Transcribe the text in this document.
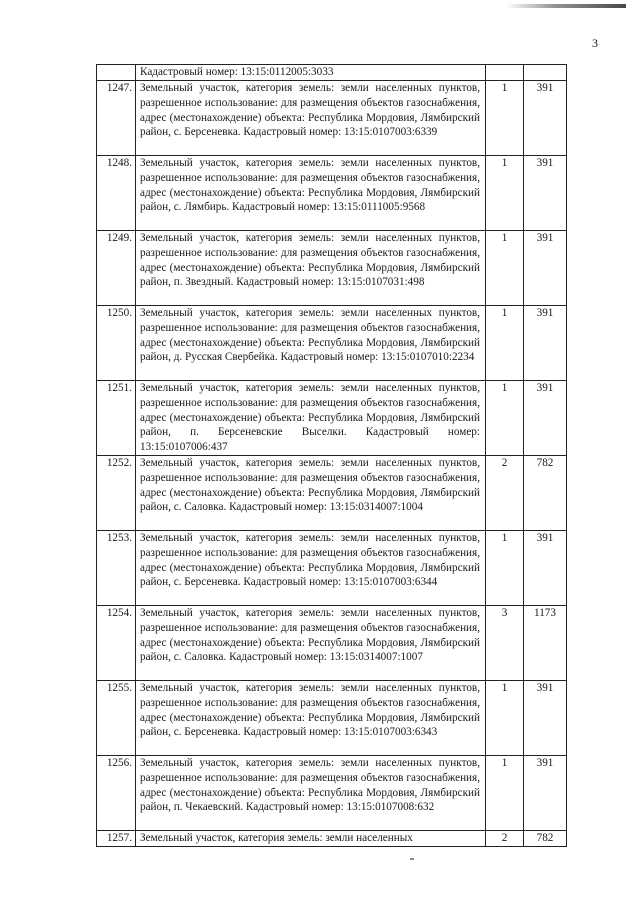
3
	Кадастровый номер: 13:15:0112005:3033		
1247.	Земельный участок, категория земель: земли населенных пунктов, разрешенное использование: для размещения объектов газоснабжения, адрес (местонахождение) объекта: Республика Мордовия, Лямбирский район, с. Берсеневка. Кадастровый номер: 13:15:0107003:6339	1	391
1248.	Земельный участок, категория земель: земли населенных пунктов, разрешенное использование: для размещения объектов газоснабжения, адрес (местонахождение) объекта: Республика Мордовия, Лямбирский район, с. Лямбирь. Кадастровый номер: 13:15:0111005:9568	1	391
1249.	Земельный участок, категория земель: земли населенных пунктов, разрешенное использование: для размещения объектов газоснабжения, адрес (местонахождение) объекта: Республика Мордовия, Лямбирский район, п. Звездный. Кадастровый номер: 13:15:0107031:498	1	391
1250.	Земельный участок, категория земель: земли населенных пунктов, разрешенное использование: для размещения объектов газоснабжения, адрес (местонахождение) объекта: Республика Мордовия, Лямбирский район, д. Русская Свербейка. Кадастровый номер: 13:15:0107010:2234	1	391
1251.	Земельный участок, категория земель: земли населенных пунктов, разрешенное использование: для размещения объектов газоснабжения, адрес (местонахождение) объекта: Республика Мордовия, Лямбирский район, п. Берсеневские Выселки. Кадастровый номер: 13:15:0107006:437	1	391
1252.	Земельный участок, категория земель: земли населенных пунктов, разрешенное использование: для размещения объектов газоснабжения, адрес (местонахождение) объекта: Республика Мордовия, Лямбирский район, с. Саловка. Кадастровый номер: 13:15:0314007:1004	2	782
1253.	Земельный участок, категория земель: земли населенных пунктов, разрешенное использование: для размещения объектов газоснабжения, адрес (местонахождение) объекта: Республика Мордовия, Лямбирский район, с. Берсеневка. Кадастровый номер: 13:15:0107003:6344	1	391
1254.	Земельный участок, категория земель: земли населенных пунктов, разрешенное использование: для размещения объектов газоснабжения, адрес (местонахождение) объекта: Республика Мордовия, Лямбирский район, с. Саловка. Кадастровый номер: 13:15:0314007:1007	3	1173
1255.	Земельный участок, категория земель: земли населенных пунктов, разрешенное использование: для размещения объектов газоснабжения, адрес (местонахождение) объекта: Республика Мордовия, Лямбирский район, с. Берсеневка. Кадастровый номер: 13:15:0107003:6343	1	391
1256.	Земельный участок, категория земель: земли населенных пунктов, разрешенное использование: для размещения объектов газоснабжения, адрес (местонахождение) объекта: Республика Мордовия, Лямбирский район, п. Чекаевский. Кадастровый номер: 13:15:0107008:632	1	391
1257.	Земельный участок, категория земель: земли населенных	2	782
